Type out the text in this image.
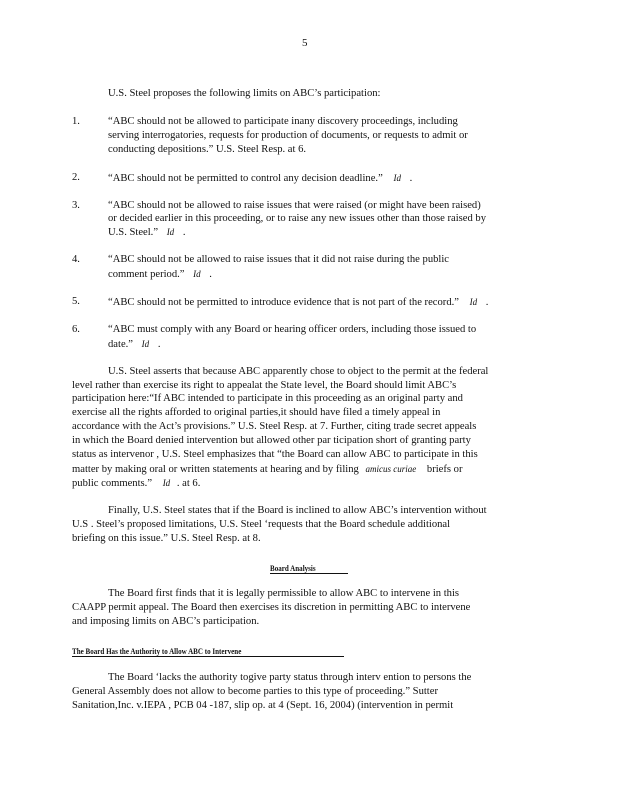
5
U.S. Steel proposes the following limits on ABC’s participation:
1.	“ABC should not be allowed to participate inany discovery proceedings, including
serving interrogatories, requests for production of documents, or requests to admit or
conducting depositions.” U.S. Steel Resp. at 6.
2.	“ABC should not be permitted to control any decision deadline.” Id .
3.	“ABC should not be allowed to raise issues that were raised (or might have been raised)
or decided earlier in this proceeding, or to raise any new issues other than those raised by
U.S. Steel.” Id .
4.	“ABC should not be allowed to raise issues that it did not raise during the public
comment period.” Id .
5.	“ABC should not be permitted to introduce evidence that is not part of the record.” Id .
6.	“ABC must comply with any Board or hearing officer orders, including those issued to
date.” Id .
U.S. Steel asserts that because ABC apparently chose to object to the permit at the federal
level rather than exercise its right to appealat the State level, the Board should limit ABC’s
participation here:“If ABC intended to participate in this proceeding as an original party and
exercise all the rights afforded to original parties,it should have filed a timely appeal in
accordance with the Act’s provisions.” U.S. Steel Resp. at 7. Further, citing trade secret appeals
in which the Board denied intervention but allowed other par ticipation short of granting party
status as intervenor , U.S. Steel emphasizes that “the Board can allow ABC to participate in this
matter by making oral or written statements at hearing and by filing amicus curiae briefs or
public comments.” Id . at 6.
Finally, U.S. Steel states that if the Board is inclined to allow ABC’s intervention without
U.S . Steel’s proposed limitations, U.S. Steel ‘requests that the Board schedule additional
briefing on this issue.” U.S. Steel Resp. at 8.
Board Analysis
The Board first finds that it is legally permissible to allow ABC to intervene in this
CAAPP permit appeal. The Board then exercises its discretion in permitting ABC to intervene
and imposing limits on ABC’s participation.
The Board Has the Authority to Allow ABC to Intervene
The Board ‘lacks the authority togive party status through interv ention to persons the
General Assembly does not allow to become parties to this type of proceeding.” Sutter
Sanitation,Inc. v.IEPA , PCB 04 -187, slip op. at 4 (Sept. 16, 2004) (intervention in permit
